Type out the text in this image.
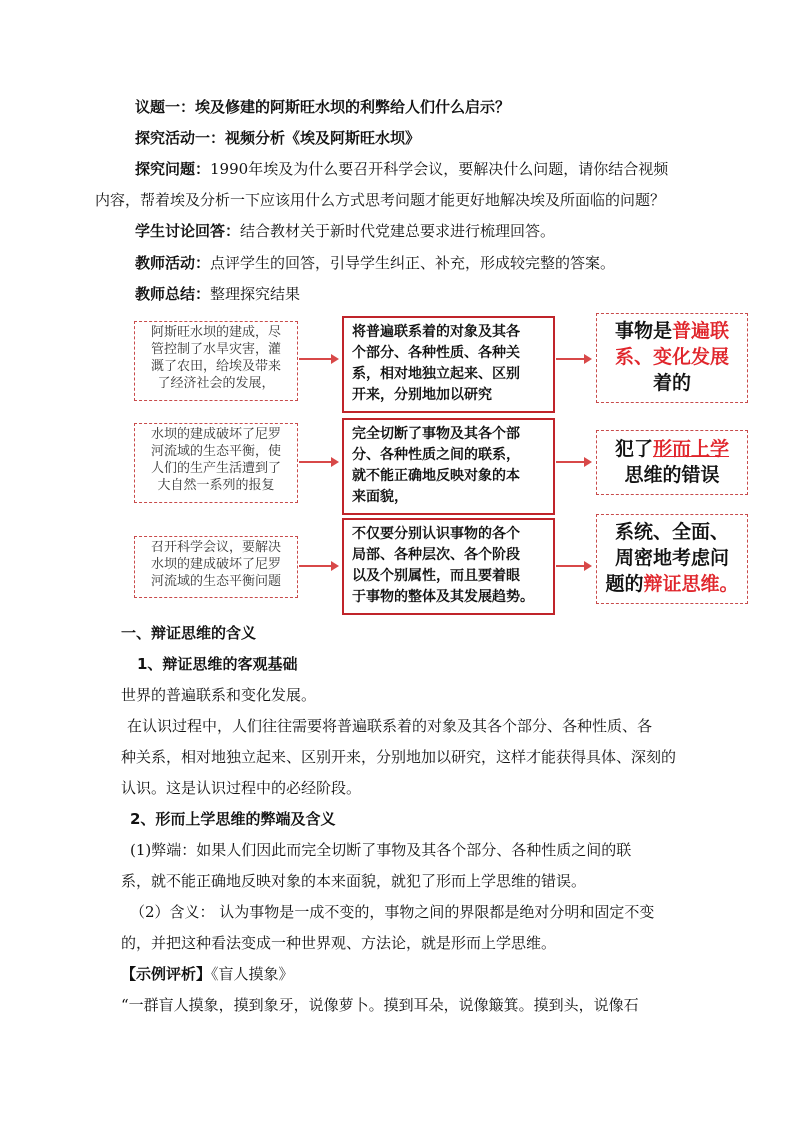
议题一：埃及修建的阿斯旺水坝的利弊给人们什么启示？
探究活动一：视频分析《埃及阿斯旺水坝》
探究问题：1990年埃及为什么要召开科学会议，要解决什么问题，请你结合视频
内容，帮着埃及分析一下应该用什么方式思考问题才能更好地解决埃及所面临的问题？
学生讨论回答：结合教材关于新时代党建总要求进行梳理回答。
教师活动：点评学生的回答，引导学生纠正、补充，形成较完整的答案。
教师总结：整理探究结果
阿斯旺水坝的建成，尽
管控制了水旱灾害，灌
溉了农田，给埃及带来
了经济社会的发展，
将普遍联系着的对象及其各
个部分、各种性质、各种关
系，相对地独立起来、区别
开来，分别地加以研究
事物是普遍联
系、变化发展
着的
水坝的建成破坏了尼罗
河流域的生态平衡，使
人们的生产生活遭到了
大自然一系列的报复
完全切断了事物及其各个部
分、各种性质之间的联系，
就不能正确地反映对象的本
来面貌，
犯了形而上学
思维的错误
召开科学会议，要解决
水坝的建成破坏了尼罗
河流域的生态平衡问题
不仅要分别认识事物的各个
局部、各种层次、各个阶段
以及个别属性，而且要着眼
于事物的整体及其发展趋势。
系统、全面、
周密地考虑问
题的辩证思维。
一、辩证思维的含义
1、辩证思维的客观基础
世界的普遍联系和变化发展。
在认识过程中，人们往往需要将普遍联系着的对象及其各个部分、各种性质、各
种关系，相对地独立起来、区别开来，分别地加以研究，这样才能获得具体、深刻的
认识。这是认识过程中的必经阶段。
2、形而上学思维的弊端及含义
(1)弊端：如果人们因此而完全切断了事物及其各个部分、各种性质之间的联
系，就不能正确地反映对象的本来面貌，就犯了形而上学思维的错误。
（2）含义： 认为事物是一成不变的，事物之间的界限都是绝对分明和固定不变
的，并把这种看法变成一种世界观、方法论，就是形而上学思维。
【示例评析】《盲人摸象》
“一群盲人摸象，摸到象牙，说像萝卜。摸到耳朵，说像簸箕。摸到头，说像石
